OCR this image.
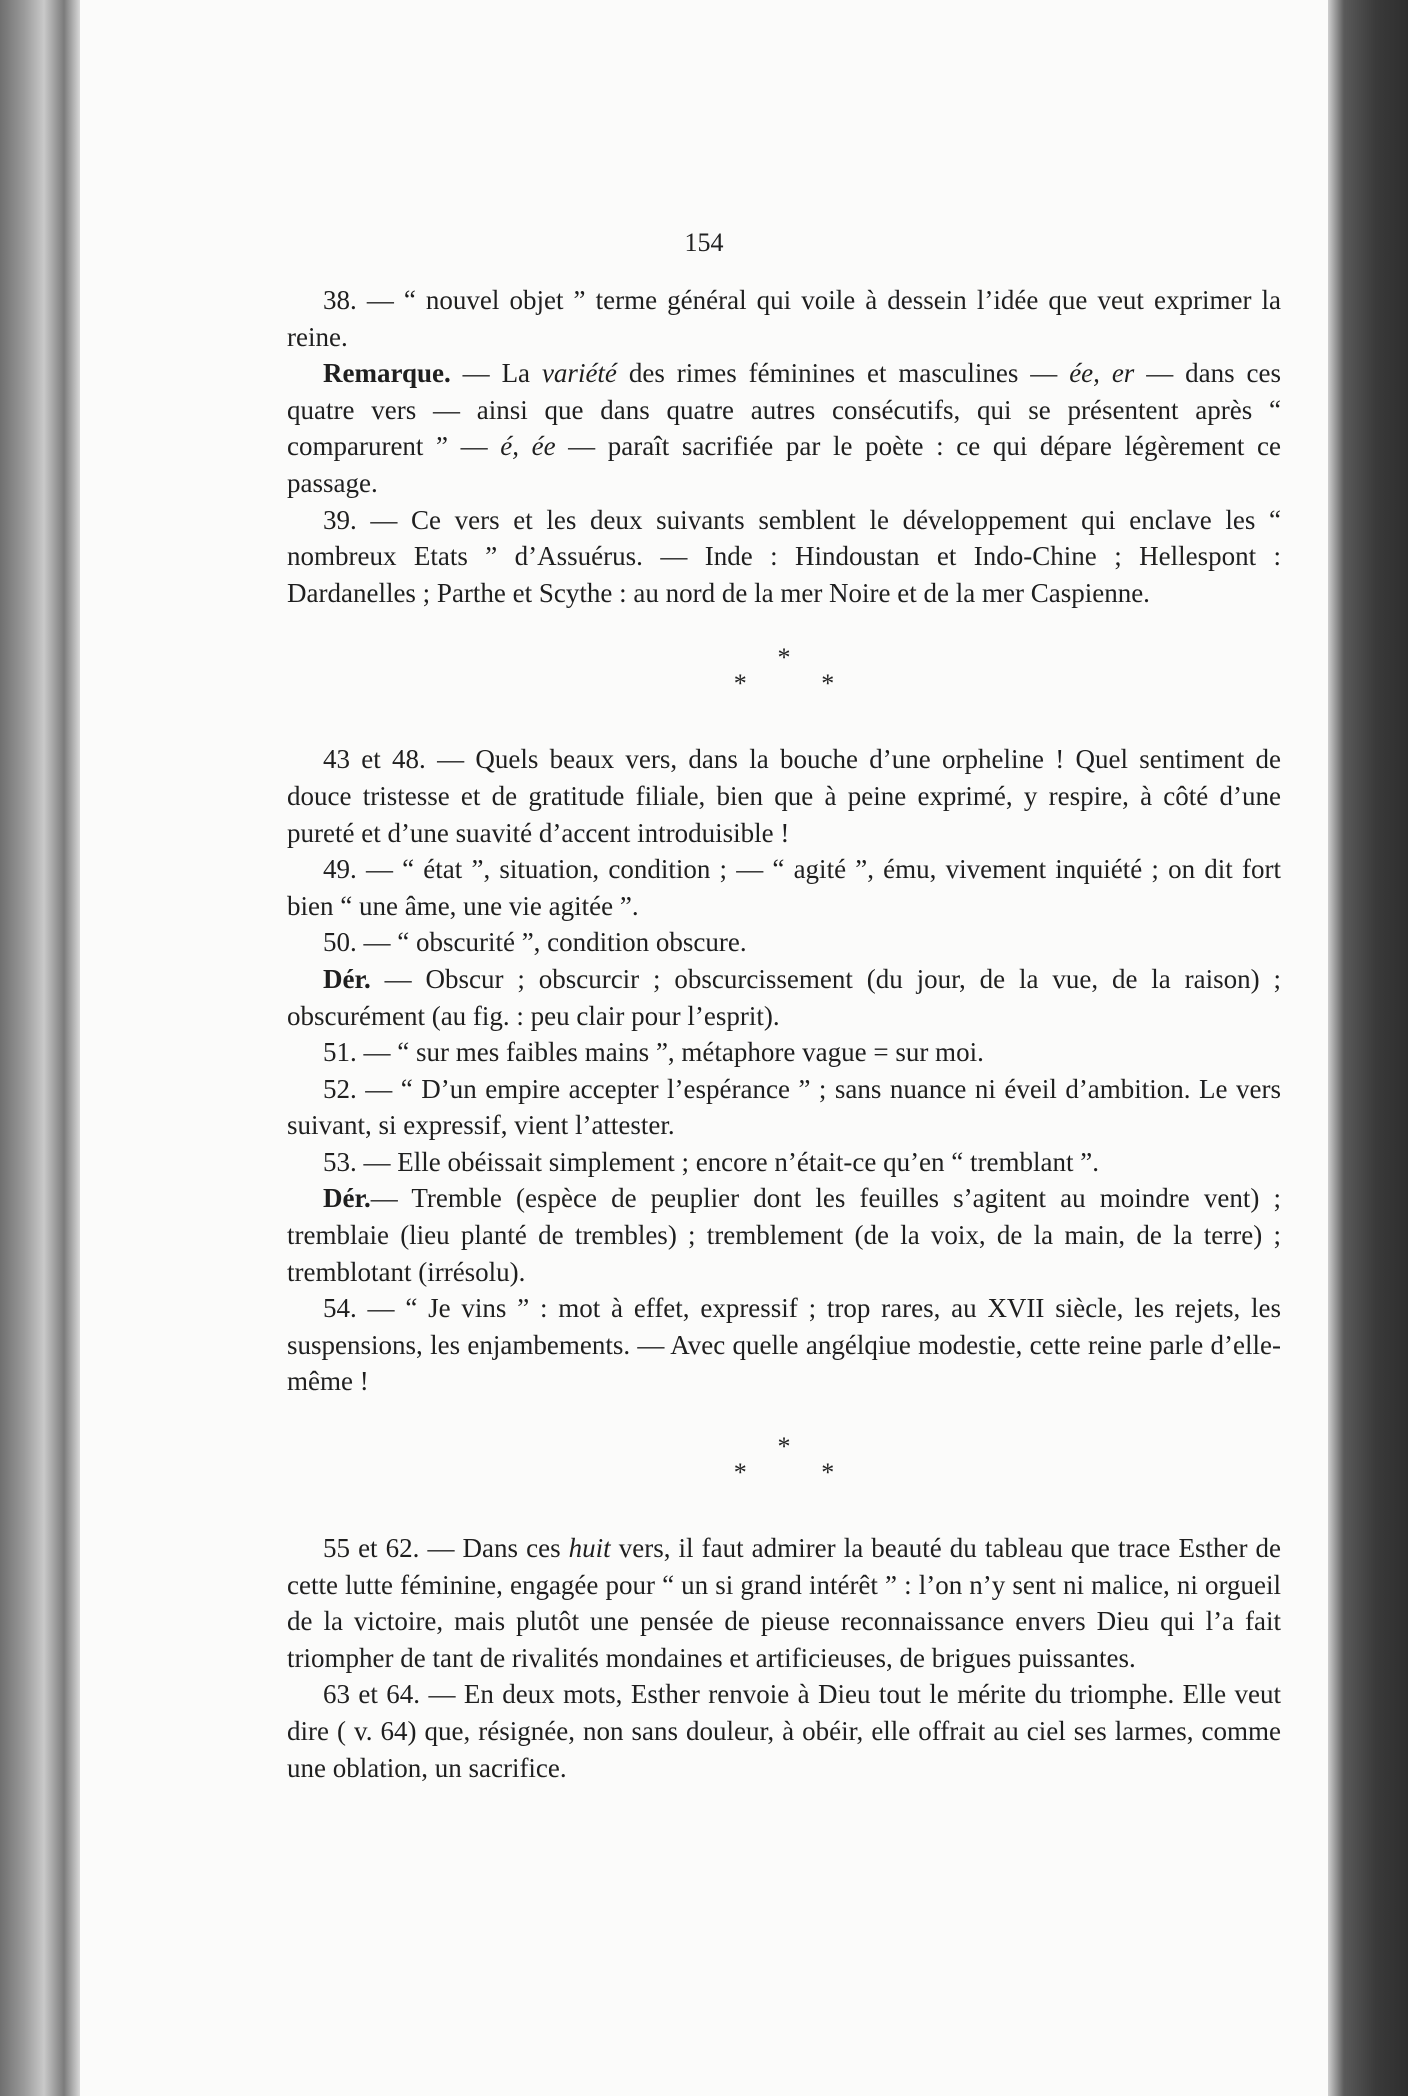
154

38. — “ nouvel objet ” terme général qui voile à dessein l’idée que veut exprimer la reine.

Remarque. — La variété des rimes féminines et masculines — ée, er — dans ces quatre vers — ainsi que dans quatre autres consécutifs, qui se présentent après “ comparurent ” — é, ée — paraît sacrifiée par le poète : ce qui dépare légèrement ce passage.

39. — Ce vers et les deux suivants semblent le développement qui enclave les “ nombreux Etats ” d’Assuérus. — Inde : Hindoustan et Indo-Chine ; Hellespont : Dardanelles ; Parthe et Scythe : au nord de la mer Noire et de la mer Caspienne.

*
* *

43 et 48. — Quels beaux vers, dans la bouche d’une orpheline ! Quel sentiment de douce tristesse et de gratitude filiale, bien que à peine exprimé, y respire, à côté d’une pureté et d’une suavité d’accent introduisible !

49. — “ état ”, situation, condition ; — “ agité ”, ému, vivement inquiété ; on dit fort bien “ une âme, une vie agitée ”.

50. — “ obscurité ”, condition obscure.

Dér. — Obscur ; obscurcir ; obscurcissement (du jour, de la vue, de la raison) ; obscurément (au fig. : peu clair pour l’esprit).

51. — “ sur mes faibles mains ”, métaphore vague = sur moi.

52. — “ D’un empire accepter l’espérance ” ; sans nuance ni éveil d’ambition. Le vers suivant, si expressif, vient l’attester.

53. — Elle obéissait simplement ; encore n’était-ce qu’en “ tremblant ”.

Dér.— Tremble (espèce de peuplier dont les feuilles s’agitent au moindre vent) ; tremblaie (lieu planté de trembles) ; tremblement (de la voix, de la main, de la terre) ; tremblotant (irrésolu).

54. — “ Je vins ” : mot à effet, expressif ; trop rares, au XVII siècle, les rejets, les suspensions, les enjambements. — Avec quelle angélqiue modestie, cette reine parle d’elle-même !

*
* *

55 et 62. — Dans ces huit vers, il faut admirer la beauté du tableau que trace Esther de cette lutte féminine, engagée pour “ un si grand intérêt ” : l’on n’y sent ni malice, ni orgueil de la victoire, mais plutôt une pensée de pieuse reconnaissance envers Dieu qui l’a fait triompher de tant de rivalités mondaines et artificieuses, de brigues puissantes.

63 et 64. — En deux mots, Esther renvoie à Dieu tout le mérite du triomphe. Elle veut dire ( v. 64) que, résignée, non sans douleur, à obéir, elle offrait au ciel ses larmes, comme une oblation, un sacrifice.
